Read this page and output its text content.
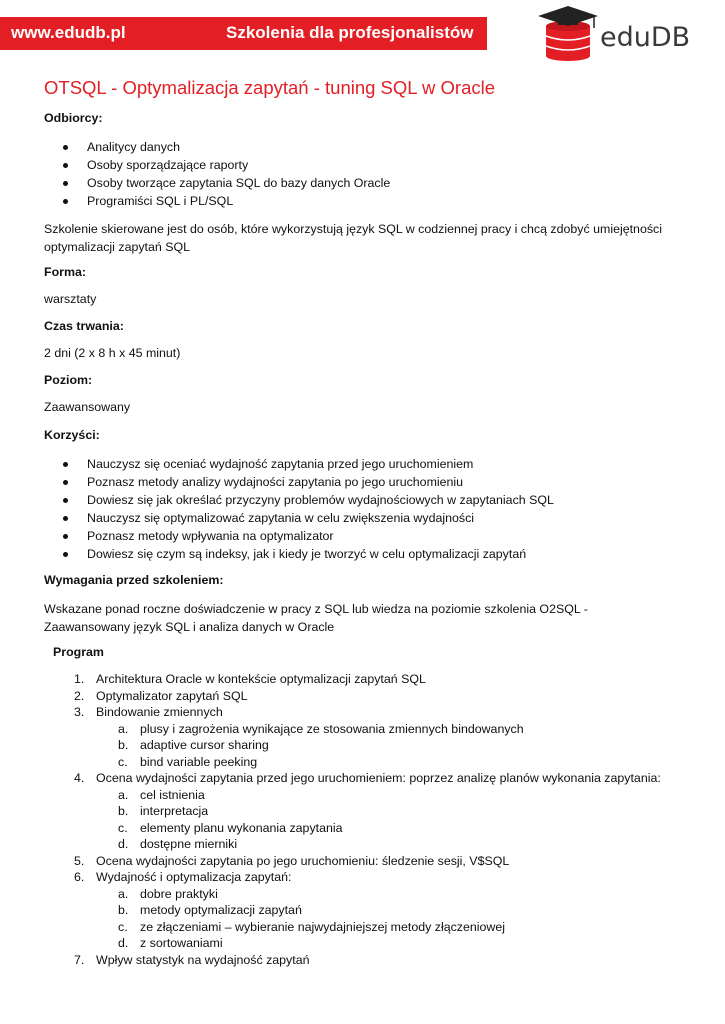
www.edudb.pl	Szkolenia dla profesjonalistów	eduDB
OTSQL - Optymalizacja zapytań - tuning SQL w Oracle
Odbiorcy:
Analitycy danych
Osoby sporządzające raporty
Osoby tworzące zapytania SQL do bazy danych Oracle
Programiści SQL i PL/SQL
Szkolenie skierowane jest do osób, które wykorzystują język SQL w codziennej pracy i chcą zdobyć umiejętności optymalizacji zapytań SQL
Forma:
warsztaty
Czas trwania:
2 dni (2 x 8 h x 45 minut)
Poziom:
Zaawansowany
Korzyści:
Nauczysz się oceniać wydajność zapytania przed jego uruchomieniem
Poznasz metody analizy wydajności zapytania po jego uruchomieniu
Dowiesz się jak określać przyczyny problemów wydajnościowych w zapytaniach SQL
Nauczysz się optymalizować zapytania w celu zwiększenia wydajności
Poznasz metody wpływania na optymalizator
Dowiesz się czym są indeksy, jak i kiedy je tworzyć w celu optymalizacji zapytań
Wymagania przed szkoleniem:
Wskazane ponad roczne doświadczenie w pracy z SQL lub wiedza na poziomie szkolenia O2SQL - Zaawansowany język SQL i analiza danych w Oracle
Program
1. Architektura Oracle w kontekście optymalizacji zapytań SQL
2. Optymalizator zapytań SQL
3. Bindowanie zmiennych
a. plusy i zagrożenia wynikające ze stosowania zmiennych bindowanych
b. adaptive cursor sharing
c. bind variable peeking
4. Ocena wydajności zapytania przed jego uruchomieniem: poprzez analizę planów wykonania zapytania:
a. cel istnienia
b. interpretacja
c. elementy planu wykonania zapytania
d. dostępne mierniki
5. Ocena wydajności zapytania po jego uruchomieniu: śledzenie sesji, V$SQL
6. Wydajność i optymalizacja zapytań:
a. dobre praktyki
b. metody optymalizacji zapytań
c. ze złączeniami – wybieranie najwydajniejszej metody złączeniowej
d. z sortowaniami
7. Wpływ statystyk na wydajność zapytań
